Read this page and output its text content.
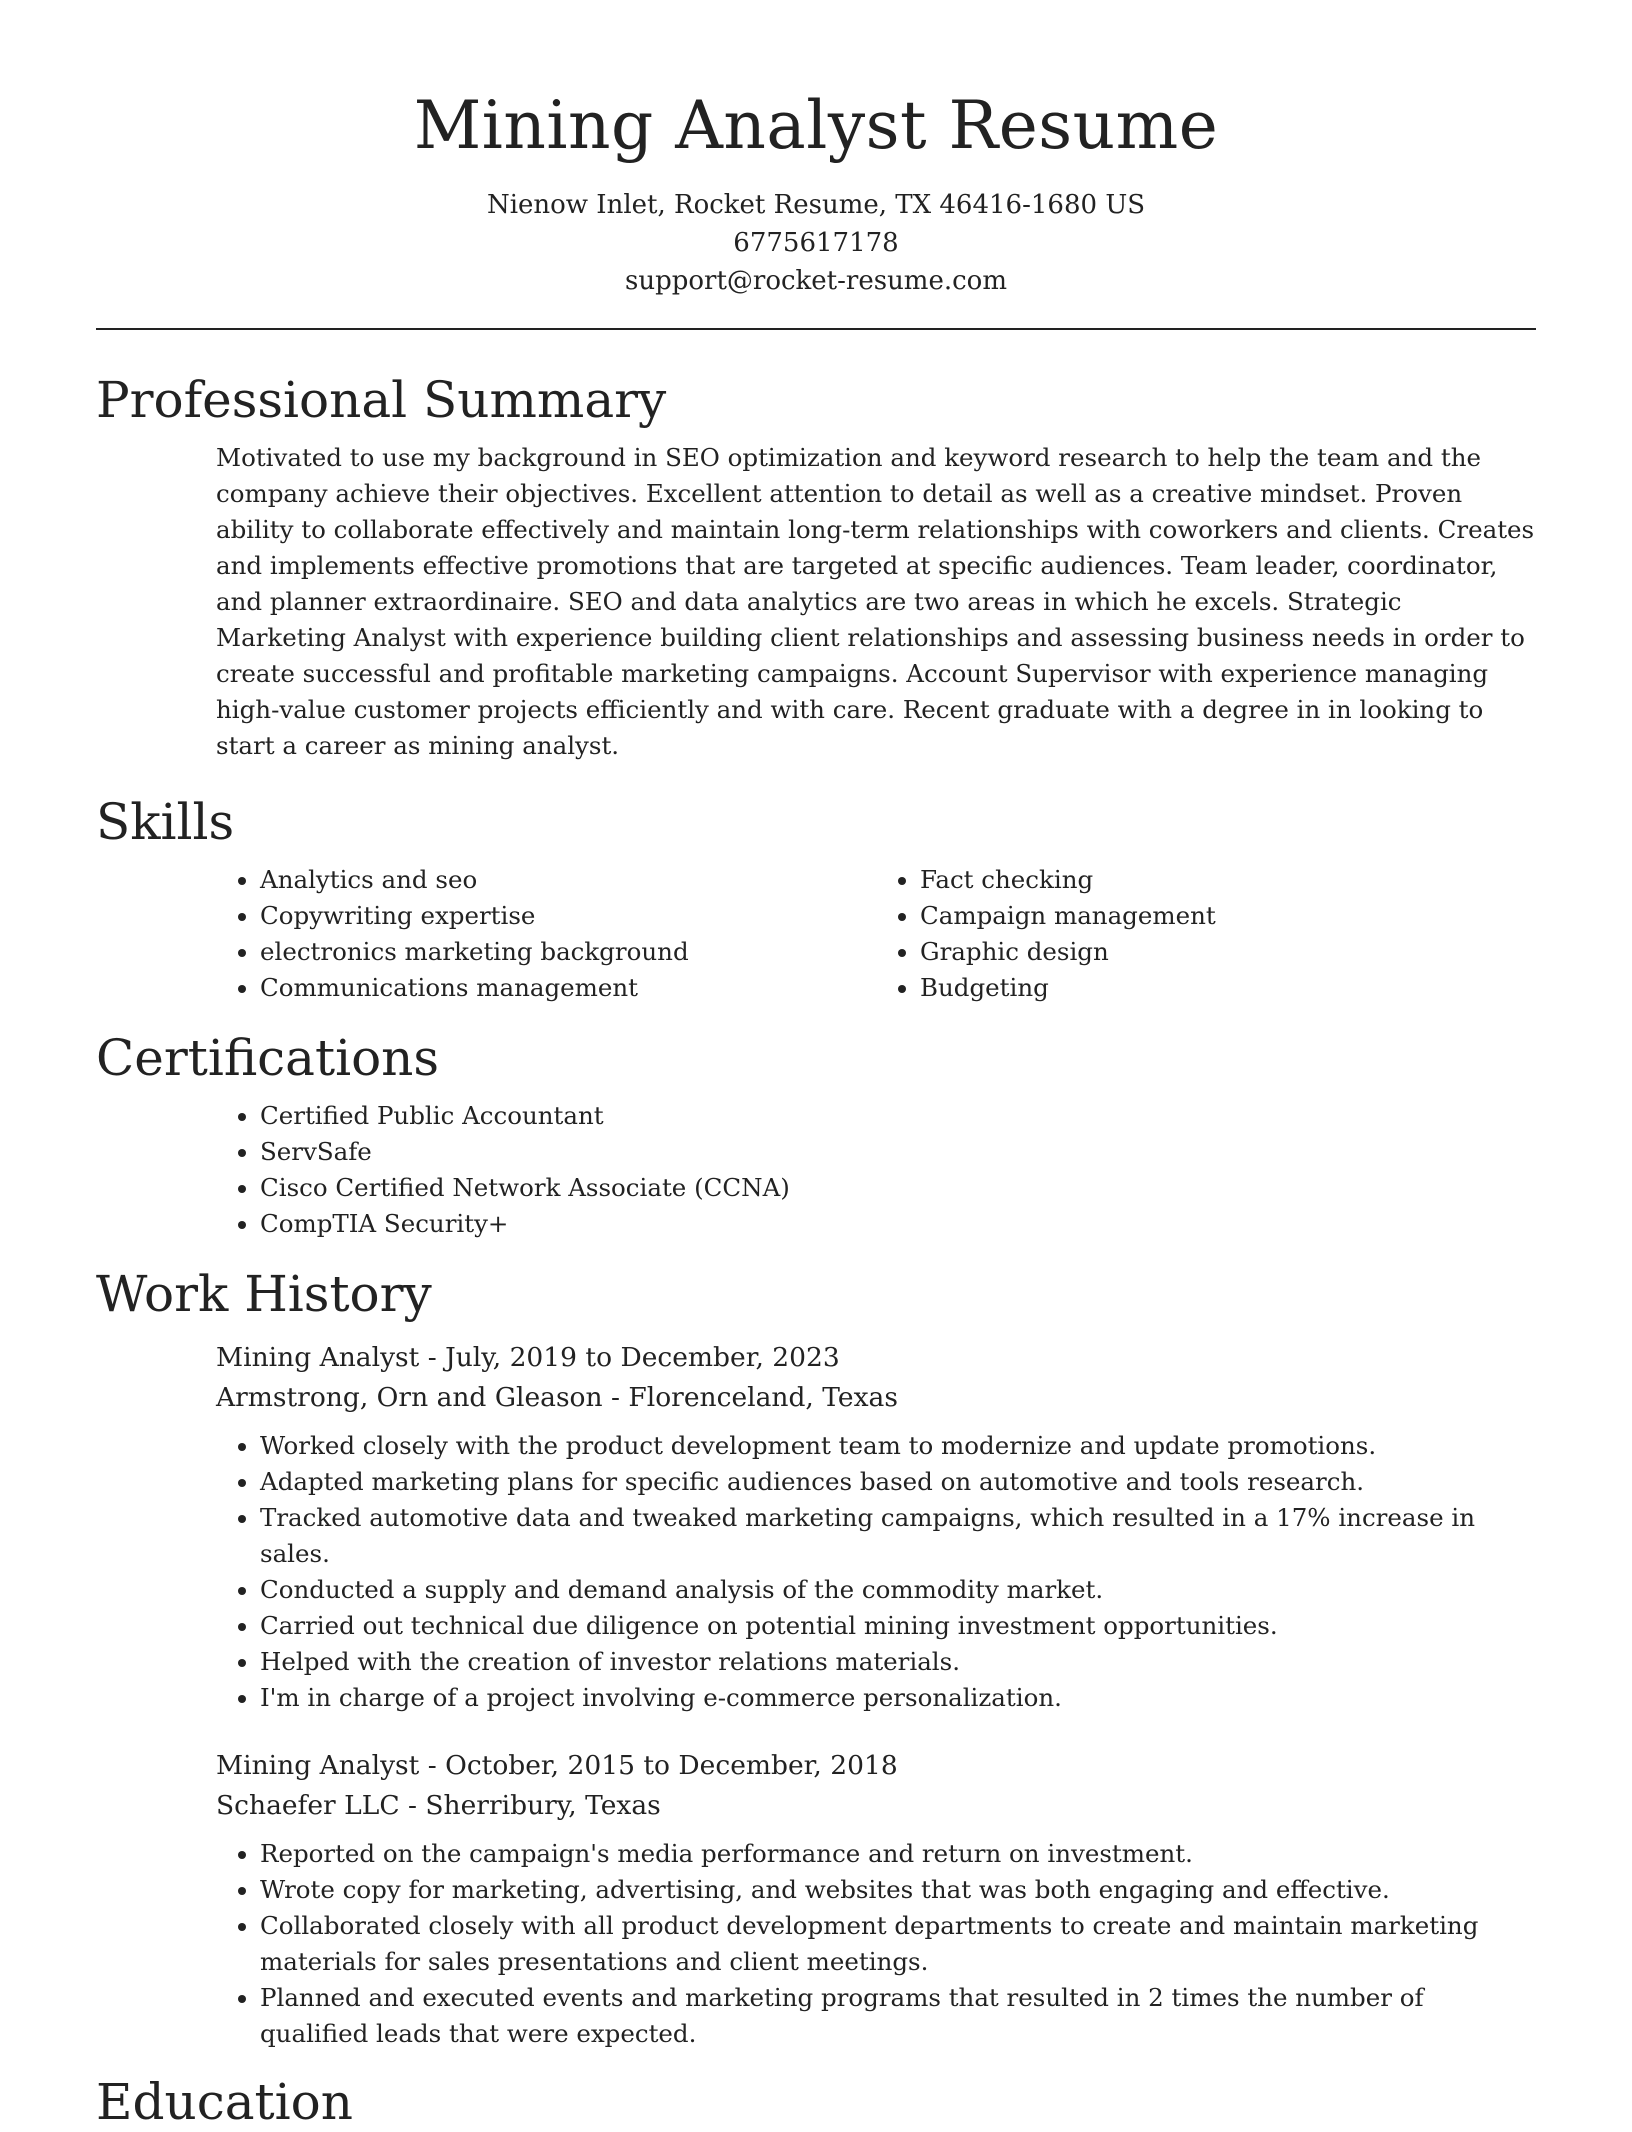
Mining Analyst Resume
Nienow Inlet, Rocket Resume, TX 46416-1680 US
6775617178
support@rocket-resume.com
Professional Summary

Motivated to use my background in SEO optimization and keyword research to help the team and the company achieve their objectives. Excellent attention to detail as well as a creative mindset. Proven ability to collaborate effectively and maintain long-term relationships with coworkers and clients. Creates and implements effective promotions that are targeted at specific audiences. Team leader, coordinator, and planner extraordinaire. SEO and data analytics are two areas in which he excels. Strategic Marketing Analyst with experience building client relationships and assessing business needs in order to create successful and profitable marketing campaigns. Account Supervisor with experience managing high-value customer projects efficiently and with care. Recent graduate with a degree in in looking to start a career as mining analyst.

Skills
• Analytics and seo
• Copywriting expertise
• electronics marketing background
• Communications management
• Fact checking
• Campaign management
• Graphic design
• Budgeting
Certifications
• Certified Public Accountant
• ServSafe
• Cisco Certified Network Associate (CCNA)
• CompTIA Security+
Work History
Mining Analyst - July, 2019 to December, 2023
Armstrong, Orn and Gleason - Florenceland, Texas
• Worked closely with the product development team to modernize and update promotions.
• Adapted marketing plans for specific audiences based on automotive and tools research.
• Tracked automotive data and tweaked marketing campaigns, which resulted in a 17% increase in sales.
• Conducted a supply and demand analysis of the commodity market.
• Carried out technical due diligence on potential mining investment opportunities.
• Helped with the creation of investor relations materials.
• I'm in charge of a project involving e-commerce personalization.
Mining Analyst - October, 2015 to December, 2018
Schaefer LLC - Sherribury, Texas
• Reported on the campaign's media performance and return on investment.
• Wrote copy for marketing, advertising, and websites that was both engaging and effective.
• Collaborated closely with all product development departments to create and maintain marketing materials for sales presentations and client meetings.
• Planned and executed events and marketing programs that resulted in 2 times the number of qualified leads that were expected.
Education
